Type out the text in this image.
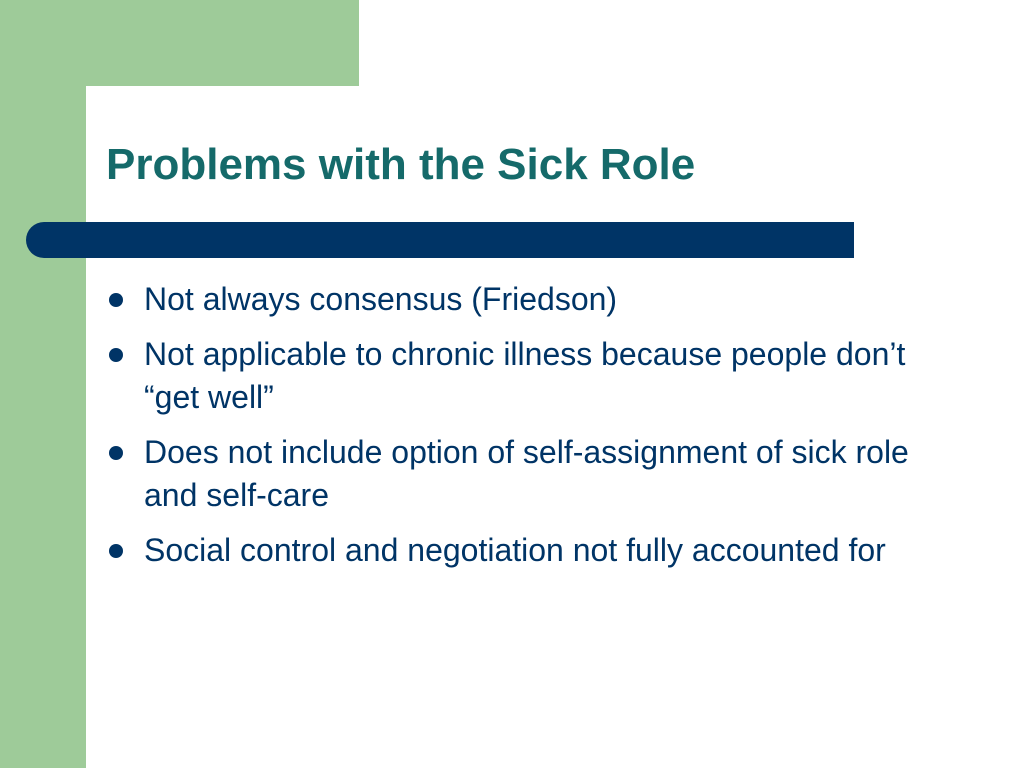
Problems with the Sick Role
Not always consensus (Friedson)
Not applicable to chronic illness because people don’t “get well”
Does not include option of self-assignment of sick role and self-care
Social control and negotiation not fully accounted for
